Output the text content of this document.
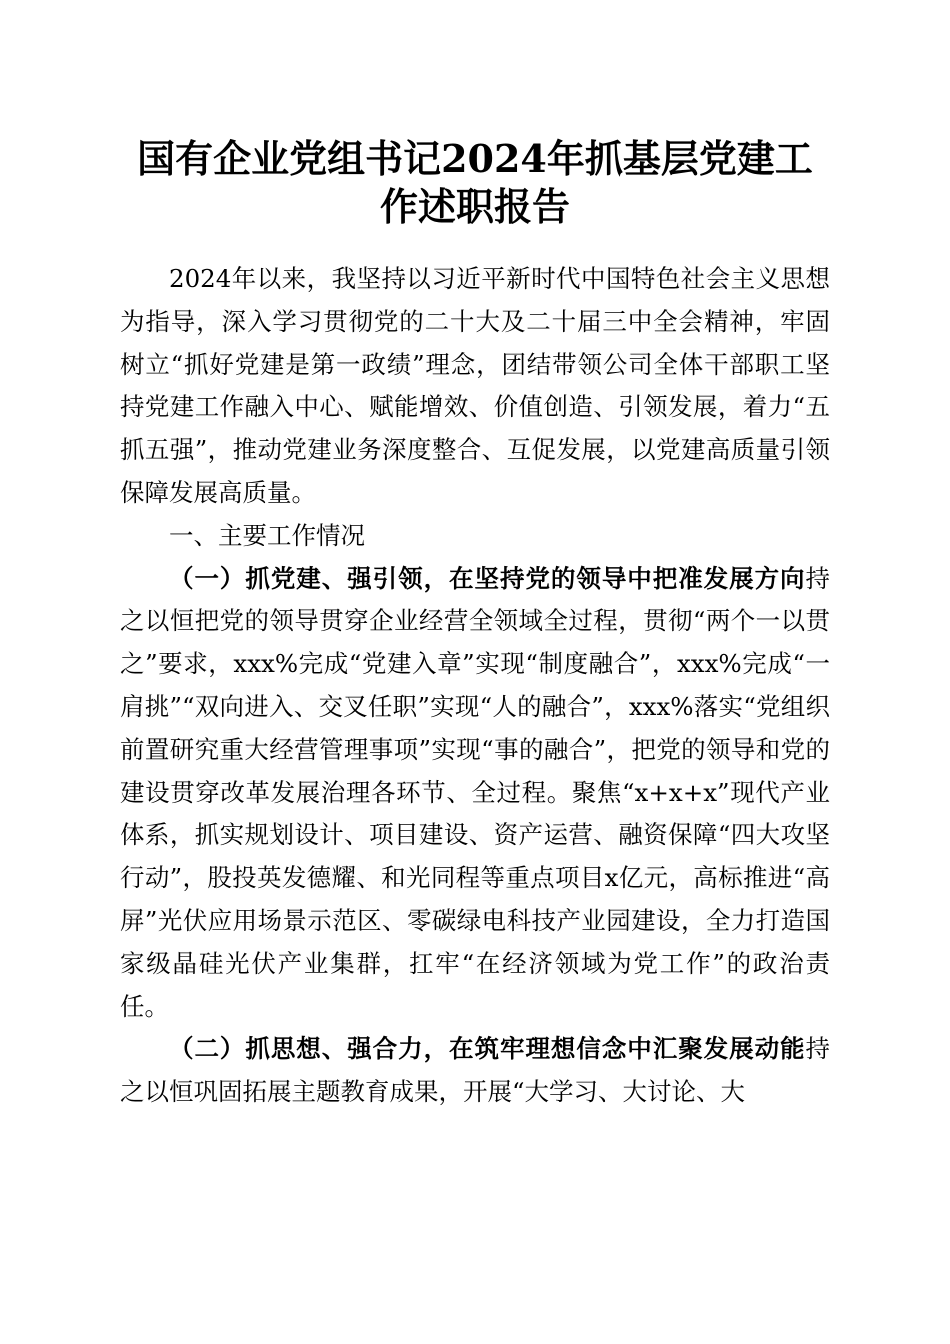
国有企业党组书记2024年抓基层党建工作述职报告

2024年以来，我坚持以习近平新时代中国特色社会主义思想为指导，深入学习贯彻党的二十大及二十届三中全会精神，牢固树立“抓好党建是第一政绩”理念，团结带领公司全体干部职工坚持党建工作融入中心、赋能增效、价值创造、引领发展，着力“五抓五强”，推动党建业务深度整合、互促发展，以党建高质量引领保障发展高质量。

一、主要工作情况

（一）抓党建、强引领，在坚持党的领导中把准发展方向持之以恒把党的领导贯穿企业经营全领域全过程，贯彻“两个一以贯之”要求，xxx%完成“党建入章”实现“制度融合”，xxx%完成“一肩挑”“双向进入、交叉任职”实现“人的融合”，xxx%落实“党组织前置研究重大经营管理事项”实现“事的融合”，把党的领导和党的建设贯穿改革发展治理各环节、全过程。聚焦“x+x+x”现代产业体系，抓实规划设计、项目建设、资产运营、融资保障“四大攻坚行动”，股投英发德耀、和光同程等重点项目x亿元，高标推进“高屏”光伏应用场景示范区、零碳绿电科技产业园建设，全力打造国家级晶硅光伏产业集群，扛牢“在经济领域为党工作”的政治责任。

（二）抓思想、强合力，在筑牢理想信念中汇聚发展动能持之以恒巩固拓展主题教育成果，开展“大学习、大讨论、大
